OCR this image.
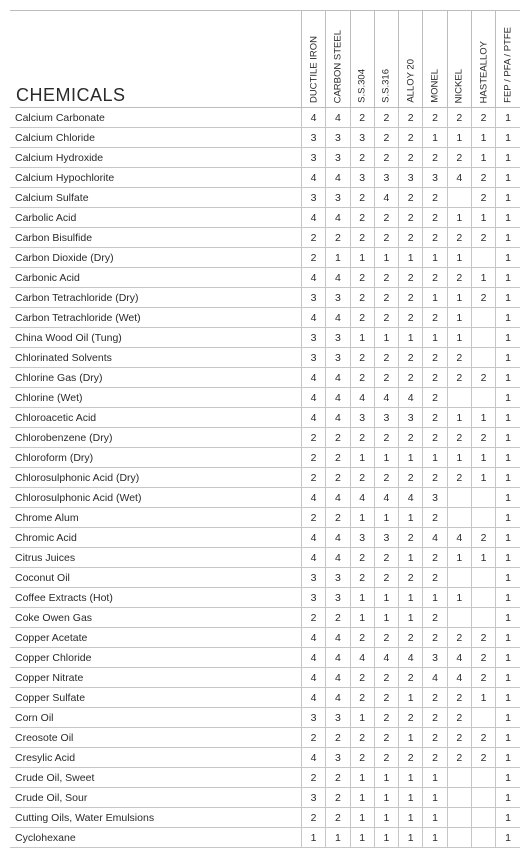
CHEMICALS	DUCTILE IRON	CARBON STEEL	S.S.304	S.S.316	ALLOY 20	MONEL	NICKEL	HASTEALLOY	FEP / PFA / PTFE

Calcium Carbonate	4	4	2	2	2	2	2	2	1
Calcium Chloride	3	3	3	2	2	1	1	1	1
Calcium Hydroxide	3	3	2	2	2	2	2	1	1
Calcium Hypochlorite	4	4	3	3	3	3	4	2	1
Calcium Sulfate	3	3	2	4	2	2		2	1
Carbolic Acid	4	4	2	2	2	2	1	1	1
Carbon Bisulfide	2	2	2	2	2	2	2	2	1
Carbon Dioxide (Dry)	2	1	1	1	1	1	1		1
Carbonic Acid	4	4	2	2	2	2	2	1	1
Carbon Tetrachloride (Dry)	3	3	2	2	2	1	1	2	1
Carbon Tetrachloride (Wet)	4	4	2	2	2	2	1		1
China Wood Oil (Tung)	3	3	1	1	1	1	1		1
Chlorinated Solvents	3	3	2	2	2	2	2		1
Chlorine Gas (Dry)	4	4	2	2	2	2	2	2	1
Chlorine (Wet)	4	4	4	4	4	2			1
Chloroacetic Acid	4	4	3	3	3	2	1	1	1
Chlorobenzene (Dry)	2	2	2	2	2	2	2	2	1
Chloroform (Dry)	2	2	1	1	1	1	1	1	1
Chlorosulphonic Acid (Dry)	2	2	2	2	2	2	2	1	1
Chlorosulphonic Acid (Wet)	4	4	4	4	4	3			1
Chrome Alum	2	2	1	1	1	2			1
Chromic Acid	4	4	3	3	2	4	4	2	1
Citrus Juices	4	4	2	2	1	2	1	1	1
Coconut Oil	3	3	2	2	2	2			1
Coffee Extracts (Hot)	3	3	1	1	1	1	1		1
Coke Owen Gas	2	2	1	1	1	2			1
Copper Acetate	4	4	2	2	2	2	2	2	1
Copper Chloride	4	4	4	4	4	3	4	2	1
Copper Nitrate	4	4	2	2	2	4	4	2	1
Copper Sulfate	4	4	2	2	1	2	2	1	1
Corn Oil	3	3	1	2	2	2	2		1
Creosote Oil	2	2	2	2	1	2	2	2	1
Cresylic Acid	4	3	2	2	2	2	2	2	1
Crude Oil, Sweet	2	2	1	1	1	1			1
Crude Oil, Sour	3	2	1	1	1	1			1
Cutting Oils, Water Emulsions	2	2	1	1	1	1			1
Cyclohexane	1	1	1	1	1	1			1
